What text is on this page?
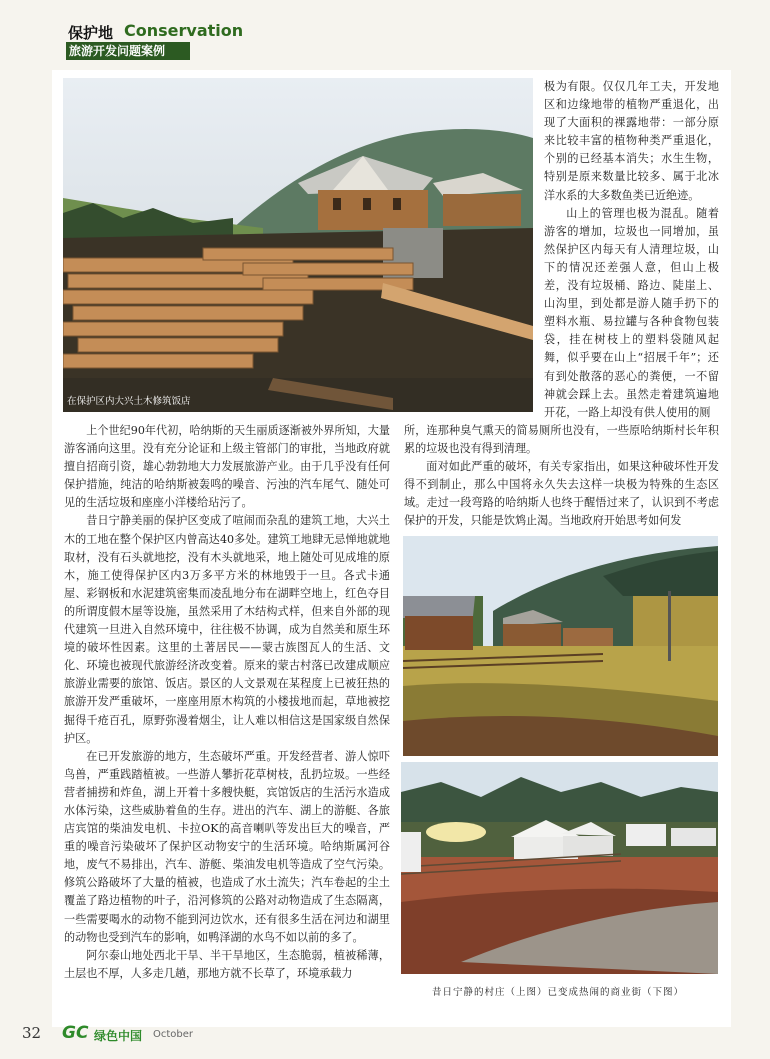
保护地 Conservation
旅游开发问题案例
在保护区内大兴土木修筑饭店

极为有限。仅仅几年工夫，开发地区和边缘地带的植物严重退化，出现了大面积的裸露地带：一部分原来比较丰富的植物种类严重退化，个别的已经基本消失；水生生物，特别是原来数量比较多、属于北冰洋水系的大多数鱼类已近绝迹。

山上的管理也极为混乱。随着游客的增加，垃圾也一同增加，虽然保护区内每天有人清理垃圾，山下的情况还差强人意，但山上极差，没有垃圾桶、路边、陡崖上、山沟里，到处都是游人随手扔下的塑料水瓶、易拉罐与各种食物包装袋，挂在树枝上的塑料袋随风起舞，似乎要在山上“招展千年”；还有到处散落的恶心的粪便，一不留神就会踩上去。虽然走着建筑遍地开花，一路上却没有供人使用的厕

所，连那种臭气熏天的简易厕所也没有，一些原哈纳斯村长年积累的垃圾也没有得到清理。

面对如此严重的破坏，有关专家指出，如果这种破坏性开发得不到制止，那么中国将永久失去这样一块极为特殊的生态区域。走过一段弯路的哈纳斯人也终于醒悟过来了，认识到不考虑保护的开发，只能是饮鸩止渴。当地政府开始思考如何发

上个世纪90年代初，哈纳斯的天生丽质逐渐被外界所知，大量游客涌向这里。没有充分论证和上级主管部门的审批，当地政府就擅自招商引资，雄心勃勃地大力发展旅游产业。由于几乎没有任何保护措施，纯洁的哈纳斯被轰鸣的噪音、污浊的汽车尾气、随处可见的生活垃圾和座座小洋楼给玷污了。

昔日宁静美丽的保护区变成了喧闹而杂乱的建筑工地，大兴土木的工地在整个保护区内曾高达40多处。建筑工地肆无忌惮地就地取材，没有石头就地挖，没有木头就地采，地上随处可见成堆的原木，施工使得保护区内3万多平方米的林地毁于一旦。各式卡通屋、彩钢板和水泥建筑密集而凌乱地分布在湖畔空地上，红色夺目的所谓度假木屋等设施，虽然采用了木结构式样，但来自外部的现代建筑一旦进入自然环境中，往往极不协调，成为自然美和原生环境的破坏性因素。这里的土著居民——蒙古族图瓦人的生活、文化、环境也被现代旅游经济改变着。原来的蒙古村落已改建成顺应旅游业需要的旅馆、饭店。景区的人文景观在某程度上已被狂热的旅游开发严重破坏，一座座用原木构筑的小楼拔地而起，草地被挖掘得千疮百孔，原野弥漫着烟尘，让人难以相信这是国家级自然保护区。

在已开发旅游的地方，生态破坏严重。开发经营者、游人惊吓鸟兽，严重践踏植被。一些游人攀折花草树枝，乱扔垃圾。一些经营者捕捞和炸鱼，湖上开着十多艘快艇，宾馆饭店的生活污水造成水体污染，这些威胁着鱼的生存。进出的汽车、湖上的游艇、各旅店宾馆的柴油发电机、卡拉OK的高音喇叭等发出巨大的噪音，严重的噪音污染破坏了保护区动物安宁的生活环境。哈纳斯属河谷地，废气不易排出，汽车、游艇、柴油发电机等造成了空气污染。修筑公路破坏了大量的植被，也造成了水土流失；汽车卷起的尘土覆盖了路边植物的叶子，沿河修筑的公路对动物造成了生态隔离，一些需要喝水的动物不能到河边饮水，还有很多生活在河边和湖里的动物也受到汽车的影响，如鸭泽湖的水鸟不如以前的多了。

阿尔泰山地处西北干旱、半干旱地区，生态脆弱，植被稀薄，土层也不厚，人多走几趟，那地方就不长草了，环境承载力

昔日宁静的村庄（上图）已变成热闹的商业街（下图）
32 GC 绿色中国 October
